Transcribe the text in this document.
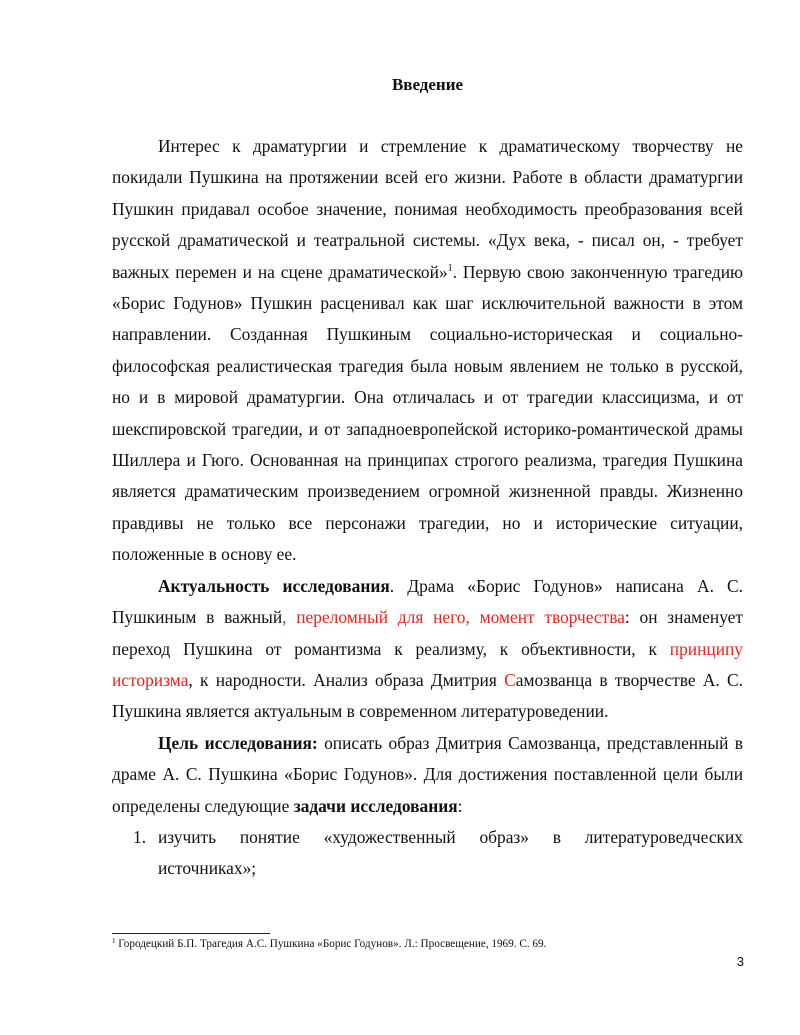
Введение

Интерес к драматургии и стремление к драматическому творчеству не покидали Пушкина на протяжении всей его жизни. Работе в области драматургии Пушкин придавал особое значение, понимая необходимость преобразования всей русской драматической и театральной системы. «Дух века, - писал он, - требует важных перемен и на сцене драматической»$^1$. Первую свою законченную трагедию «Борис Годунов» Пушкин расценивал как шаг исключительной важности в этом направлении. Созданная Пушкиным социально-историческая и социально-философская реалистическая трагедия была новым явлением не только в русской, но и в мировой драматургии. Она отличалась и от трагедии классицизма, и от шекспировской трагедии, и от западноевропейской историко-романтической драмы Шиллера и Гюго. Основанная на принципах строгого реализма, трагедия Пушкина является драматическим произведением огромной жизненной правды. Жизненно правдивы не только все персонажи трагедии, но и исторические ситуации, положенные в основу ее.

Актуальность исследования. Драма «Борис Годунов» написана А. С. Пушкиным в важный, переломный для него, момент творчества: он знаменует переход Пушкина от романтизма к реализму, к объективности, к принципу историзма, к народности. Анализ образа Дмитрия Самозванца в творчестве А. С. Пушкина является актуальным в современном литературоведении.

Цель исследования: описать образ Дмитрия Самозванца, представленный в драме А. С. Пушкина «Борис Годунов». Для достижения поставленной цели были определены следующие задачи исследования:

1. изучить понятие «художественный образ» в литературоведческих источниках»;
$^1$ Городецкий Б.П. Трагедия А.С. Пушкина «Борис Годунов». Л.: Просвещение, 1969. С. 69.
3
